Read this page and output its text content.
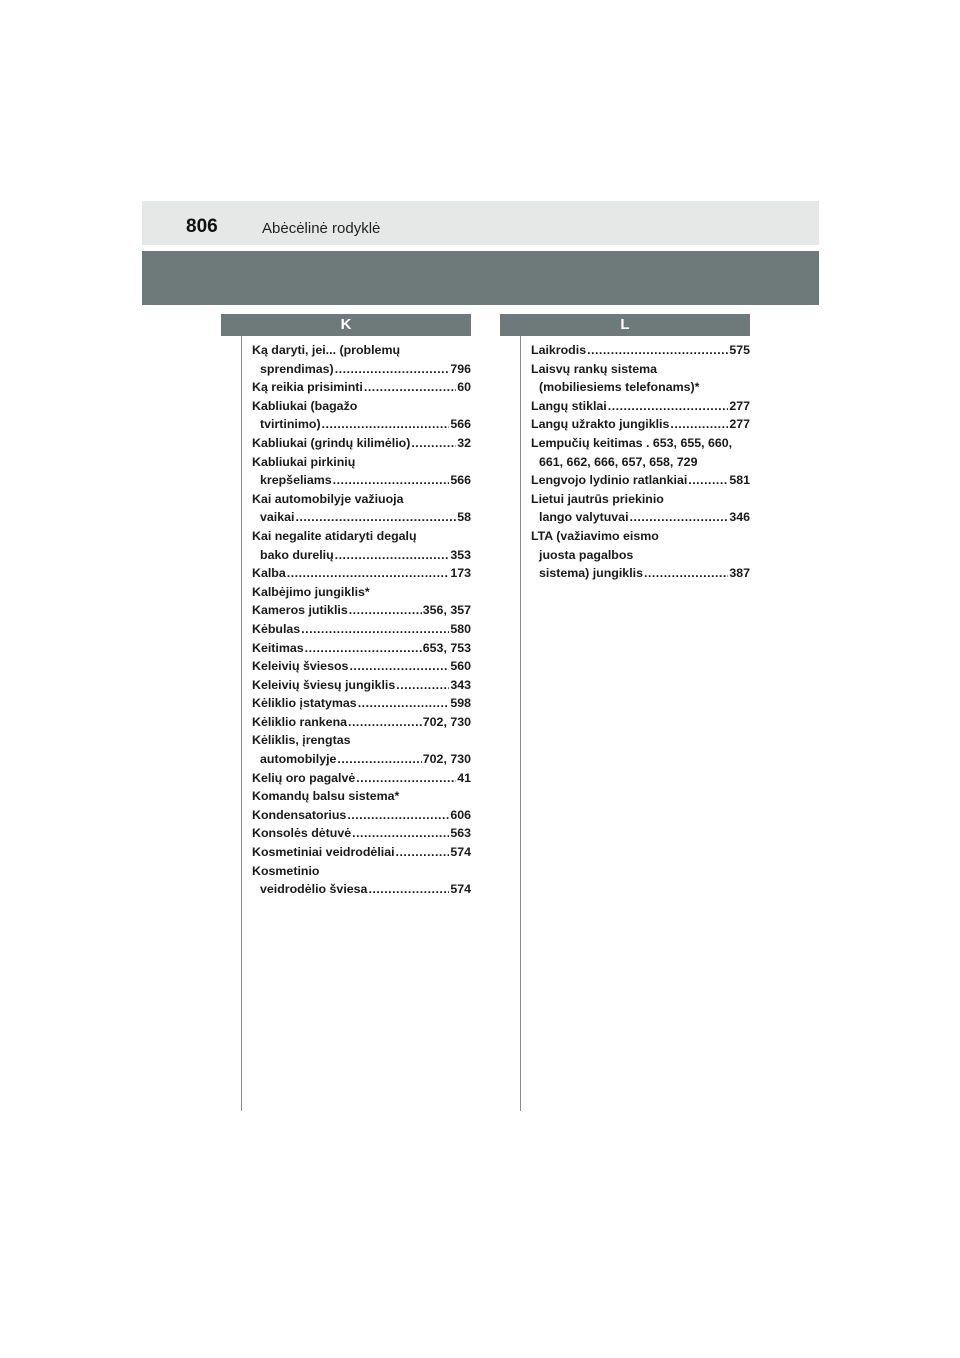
806	Abėcėlinė rodyklė
K	L
Ką daryti, jei... (problemų
sprendimas) .....	796
Ką reikia prisiminti .....	60
Kabliukai (bagažo
tvirtinimo) .....	566
Kabliukai (grindų kilimėlio) .....	32
Kabliukai pirkinių
krepšeliams .....	566
Kai automobilyje važiuoja
vaikai .....	58
Kai negalite atidaryti degalų
bako durelių .....	353
Kalba .....	173
Kalbėjimo jungiklis*
Kameros jutiklis .....	356, 357
Kėbulas .....	580
Keitimas .....	653, 753
Keleivių šviesos .....	560
Keleivių šviesų jungiklis .....	343
Kėliklio įstatymas .....	598
Kėliklio rankena .....	702, 730
Kėliklis, įrengtas
automobilyje .....	702, 730
Kelių oro pagalvė .....	41
Komandų balsu sistema*
Kondensatorius .....	606
Konsolės dėtuvė .....	563
Kosmetiniai veidrodėliai .....	574
Kosmetinio
veidrodėlio šviesa .....	574
Laikrodis .....	575
Laisvų rankų sistema
(mobiliesiems telefonams)*
Langų stiklai .....	277
Langų užrakto jungiklis .....	277
Lempučių keitimas . 653, 655, 660,
661, 662, 666, 657, 658, 729
Lengvojo lydinio ratlankiai .....	581
Lietui jautrūs priekinio
lango valytuvai .....	346
LTA (važiavimo eismo
juosta pagalbos
sistema) jungiklis .....	387
